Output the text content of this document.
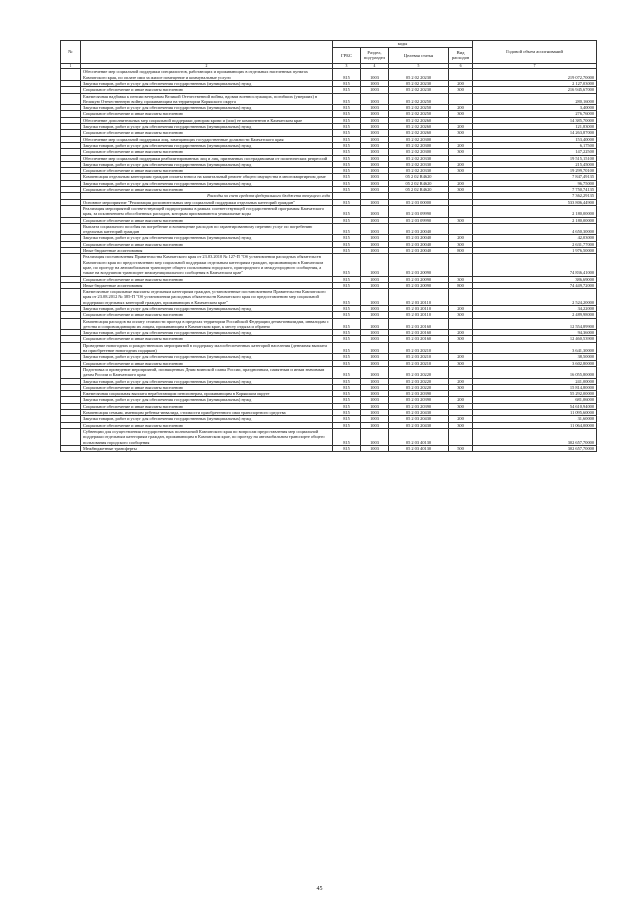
№		коды				Годовой объем ассигнований
		ГРБС	Раздел, под-раздел	Целевая статья	Вид расходов	
1	2	3	4	5	6	7
	Обеспечение мер социальной поддержки специалистов, работающих и проживающих в отдельных населенных пунктах Камчатского края, по оплате ими за жилое помещение и коммунальные услуги	815	1003	05 2 02 20230		219 072,70000
	Закупка товаров, работ и услуг для обеспечения государственных (муниципальных) нужд	815	1003	05 2 02 20230	200	2 127,03000
	Социальное обеспечение и иные выплаты населению	815	1003	05 2 02 20230	300	216 945,67000
	Ежемесячная надбавка к пенсии ветеранам Великой Отечественной войны, вдовам военнослужащих, погибших (умерших) в Великую Отечественную войну, проживающим на территории Корякского округа	815	1003	05 2 02 20250		280,16000
	Закупка товаров, работ и услуг для обеспечения государственных (муниципальных) нужд	815	1003	05 2 02 20250	200	3,40000
	Социальное обеспечение и иные выплаты населению	815	1003	05 2 02 20250	300	276,76000
	Обеспечение дополнительных мер социальной поддержки донорам крови и (или) ее компонентов в Камчатском крае	815	1003	05 2 02 20260		14 385,70000
	Закупка товаров, работ и услуг для обеспечения государственных (муниципальных) нужд	815	1003	05 2 02 20260	200	121,83000
	Социальное обеспечение и иные выплаты населению	815	1003	05 2 02 20260	300	14 263,87000
	Обеспечение мер социальной поддержки лиц, замещающих государственные должности Камчатского края	815	1003	05 2 02 20300		153,40000
	Закупка товаров, работ и услуг для обеспечения государственных (муниципальных) нужд	815	1003	05 2 02 20300	200	6,17500
	Социальное обеспечение и иные выплаты населению	815	1003	05 2 02 20300	300	147,22500
	Обеспечение мер социальной поддержки реабилитированных лиц и лиц, признанных пострадавшими от политических репрессий	815	1003	05 2 02 20330		19 515,15100
	Закупка товаров, работ и услуг для обеспечения государственных (муниципальных) нужд	815	1003	05 2 02 20330	200	215,45000
	Социальное обеспечение и иные выплаты населению	815	1003	05 2 02 20330	300	19 299,70100
	Компенсация отдельным категориям граждан оплаты взноса на капитальный ремонт общего имущества в многоквартирном доме	815	1003	05 2 02 R4620		7 847,49135
	Закупка товаров, работ и услуг для обеспечения государственных (муниципальных) нужд	815	1003	05 2 02 R4620	200	96,75000
	Социальное обеспечение и иные выплаты населению	815	1003	05 2 02 R4620	300	7 750,74135
	Расходы за счет средств федерального бюджета текущего года					7 362,29135
	Основное мероприятие "Реализация дополнительных мер социальной поддержки отдельных категорий граждан"	815	1003	05 2 03 00000		533 806,44900
	Реализация мероприятий соответствующей подпрограммы в рамках соответствующей государственной программы Камчатского края, за исключением обособленных расходов, которым присваиваются уникальные коды	815	1003	05 2 03 09990		2 180,00000
	Социальное обеспечение и иные выплаты населению	815	1003	05 2 03 09990	300	2 180,00000
	Выплата социального пособия на погребение и возмещение расходов по гарантированному перечню услуг по погребению отдельных категорий граждан	815	1003	05 2 03 20040		4 650,30000
	Закупка товаров, работ и услуг для обеспечения государственных (муниципальных) нужд	815	1003	05 2 03 20040	200	42,03000
	Социальное обеспечение и иные выплаты населению	815	1003	05 2 03 20040	300	2 631,77000
	Иные бюджетные ассигнования	815	1003	05 2 03 20040	800	1 976,50000
	Реализация постановления Правительства Камчатского края от 23.03.2010 № 127-П "Об установлении расходных обязательств Камчатского края по предоставлению мер социальной поддержки отдельным категориям граждан, проживающим в Камчатском крае, по проезду на автомобильном транспорте общего пользования городского, пригородного и междугородного сообщения, а также на воздушном транспорте межмуниципального сообщения в Камчатском крае"	815	1003	05 2 03 20090		74 836,41000
	Социальное обеспечение и иные выплаты населению	815	1003	05 2 03 20090	300	386,69000
	Иные бюджетные ассигнования	815	1003	05 2 03 20090	800	74 449,72000
	Ежемесячные социальные выплаты отдельным категориям граждан, установленные постановлением Правительства Камчатского края от 23.08.2012 № 385-П "Об установлении расходных обязательств Камчатского края по предоставлению мер социальной поддержки отдельных категорий граждан, проживающих в Камчатском крае"	815	1003	05 2 03 20110		2 524,20000
	Закупка товаров, работ и услуг для обеспечения государственных (муниципальных) нужд	815	1003	05 2 03 20110	200	34,22000
	Социальное обеспечение и иные выплаты населению	815	1003	05 2 03 20110	300	2 489,98000
	Компенсация расходов на оплату стоимости проезда в пределах территории Российской Федерации детям-инвалидам, инвалидам с детства и сопровождающим их лицам, проживающим в Камчатском крае, к месту отдыха и обратно	815	1003	05 2 03 20160		12 554,89900
	Закупка товаров, работ и услуг для обеспечения государственных (муниципальных) нужд	815	1003	05 2 03 20160	200	94,36000
	Социальное обеспечение и иные выплаты населению	815	1003	05 2 03 20160	300	12 460,53900
	Проведение новогодних и рождественских мероприятий в поддержку малообеспеченных категорий населения (денежная выплата на приобретение новогодних подарков)	815	1003	05 2 03 20210		3 641,30000
	Закупка товаров, работ и услуг для обеспечения государственных (муниципальных) нужд	815	1003	05 2 03 20210	200	38,50000
	Социальное обеспечение и иные выплаты населению	815	1003	05 2 03 20210	300	3 602,80000
	Подготовка и проведение мероприятий, посвященных Дням воинской славы России, праздничным, памятным и иным значимым датам России и Камчатского края	815	1003	05 2 03 20220		16 055,80000
	Закупка товаров, работ и услуг для обеспечения государственных (муниципальных) нужд	815	1003	05 2 03 20220	200	241,00000
	Социальное обеспечение и иные выплаты населению	815	1003	05 2 03 20220	300	15 814,80000
	Ежемесячная социальная выплата неработающим пенсионерам, проживающим в Корякском округе	815	1003	05 2 03 20390		55 292,00000
	Закупка товаров, работ и услуг для обеспечения государственных (муниципальных) нужд	815	1003	05 2 03 20390	200	681,06000
	Социальное обеспечение и иные выплаты населению	815	1003	05 2 03 20390	300	54 610,94000
	Компенсация семьям, имеющим ребенка-инвалида, стоимости приобретенного ими транспортного средства	815	1003	05 2 03 20430		11 095,60000
	Закупка товаров, работ и услуг для обеспечения государственных (муниципальных) нужд	815	1003	05 2 03 20430	200	31,60000
	Социальное обеспечение и иные выплаты населению	815	1003	05 2 03 20430	300	11 064,00000
	Субвенции для осуществления государственных полномочий Камчатского края по вопросам предоставления мер социальной поддержки отдельным категориям граждан, проживающим в Камчатском крае, по проезду на автомобильном транспорте общего пользования городского сообщения	815	1003	05 2 03 40130		302 657,70000
	Межбюджетные трансферты	815	1003	05 2 03 40130	500	302 657,70000
45
